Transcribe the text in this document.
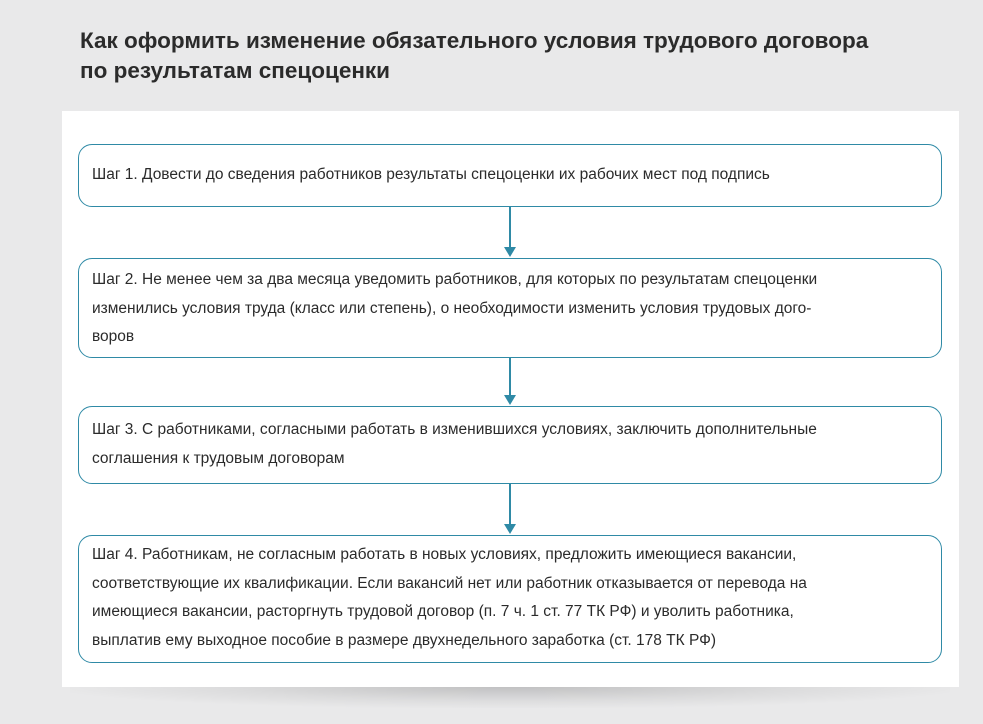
Как оформить изменение обязательного условия трудового договора
по результатам спецоценки

Шаг 1. Довести до сведения работников результаты спецоценки их рабочих мест под подпись

Шаг 2. Не менее чем за два месяца уведомить работников, для которых по результатам спецоценки

изменились условия труда (класс или степень), о необходимости изменить условия трудовых дого-

воров

Шаг 3. С работниками, согласными работать в изменившихся условиях, заключить дополнительные

соглашения к трудовым договорам

Шаг 4. Работникам, не согласным работать в новых условиях, предложить имеющиеся вакансии,

соответствующие их квалификации. Если вакансий нет или работник отказывается от перевода на

имеющиеся вакансии, расторгнуть трудовой договор (п. 7 ч. 1 ст. 77 ТК РФ) и уволить работника,

выплатив ему выходное пособие в размере двухнедельного заработка (ст. 178 ТК РФ)
